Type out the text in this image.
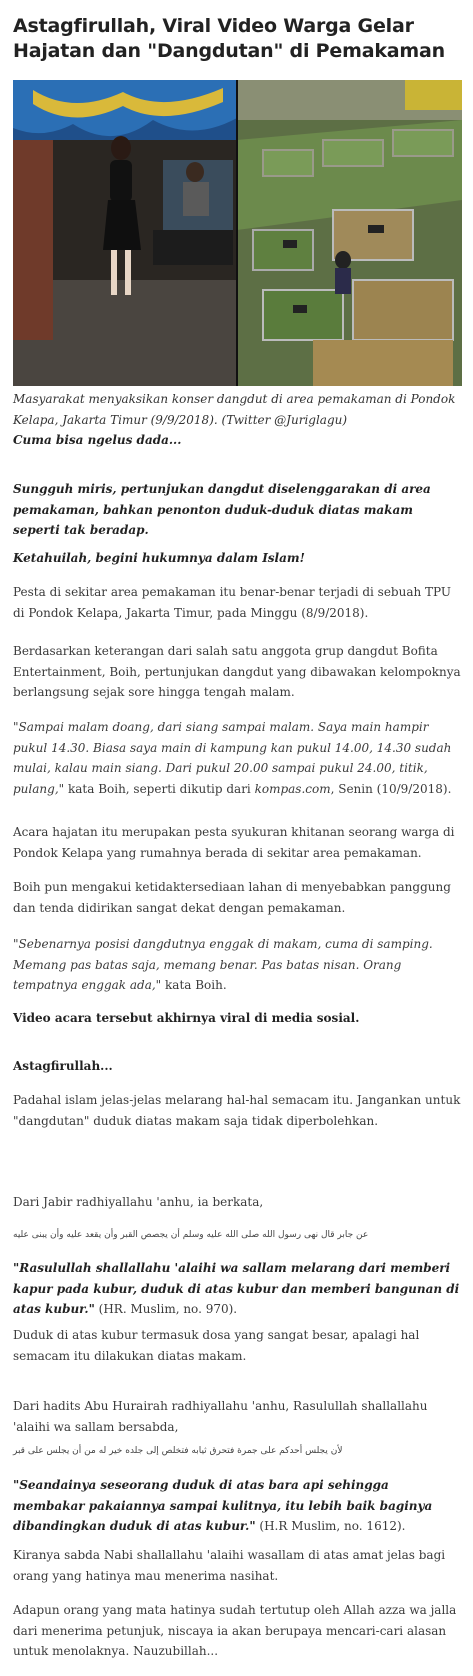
Astagfirullah, Viral Video Warga Gelar Hajatan dan "Dangdutan" di Pemakaman
Masyarakat menyaksikan konser dangdut di area pemakaman di Pondok Kelapa, Jakarta Timur (9/9/2018). (Twitter @Juriglagu)

Cuma bisa ngelus dada...

Sungguh miris, pertunjukan dangdut diselenggarakan di area pemakaman, bahkan penonton duduk-duduk diatas makam seperti tak beradap.

Ketahuilah, begini hukumnya dalam Islam!

Pesta di sekitar area pemakaman itu benar-benar terjadi di sebuah TPU di Pondok Kelapa, Jakarta Timur, pada Minggu (8/9/2018).

Berdasarkan keterangan dari salah satu anggota grup dangdut Bofita Entertainment, Boih, pertunjukan dangdut yang dibawakan kelompoknya berlangsung sejak sore hingga tengah malam.

"Sampai malam doang, dari siang sampai malam. Saya main hampir pukul 14.30. Biasa saya main di kampung kan pukul 14.00, 14.30 sudah mulai, kalau main siang. Dari pukul 20.00 sampai pukul 24.00, titik, pulang," kata Boih, seperti dikutip dari kompas.com, Senin (10/9/2018).

Acara hajatan itu merupakan pesta syukuran khitanan seorang warga di Pondok Kelapa yang rumahnya berada di sekitar area pemakaman.

Boih pun mengakui ketidaktersediaan lahan di menyebabkan panggung dan tenda didirikan sangat dekat dengan pemakaman.

"Sebenarnya posisi dangdutnya enggak di makam, cuma di samping. Memang pas batas saja, memang benar. Pas batas nisan. Orang tempatnya enggak ada," kata Boih.

Video acara tersebut akhirnya viral di media sosial.

Astagfirullah...

Padahal islam jelas-jelas melarang hal-hal semacam itu. Jangankan untuk "dangdutan" duduk diatas makam saja tidak diperbolehkan.

Dari Jabir radhiyallahu 'anhu, ia berkata,

عن جابر قال نهى رسول الله صلى الله عليه وسلم أن يجصص القبر وأن يقعد عليه وأن يبنى عليه

"Rasulullah shallallahu 'alaihi wa sallam melarang dari memberi kapur pada kubur, duduk di atas kubur dan memberi bangunan di atas kubur." (HR. Muslim, no. 970).

Duduk di atas kubur termasuk dosa yang sangat besar, apalagi hal semacam itu dilakukan diatas makam.

Dari hadits Abu Hurairah radhiyallahu 'anhu, Rasulullah shallallahu 'alaihi wa sallam bersabda,

لأن يجلس أحدكم على جمرة فتحرق ثيابه فتخلص إلى جلده خير له من أن يجلس على قبر

"Seandainya seseorang duduk di atas bara api sehingga membakar pakaiannya sampai kulitnya, itu lebih baik baginya dibandingkan duduk di atas kubur." (H.R Muslim, no. 1612).

Kiranya sabda Nabi shallallahu 'alaihi wasallam di atas amat jelas bagi orang yang hatinya mau menerima nasihat.

Adapun orang yang mata hatinya sudah tertutup oleh Allah azza wa jalla dari menerima petunjuk, niscaya ia akan berupaya mencari-cari alasan untuk menolaknya. Nauzubillah...
